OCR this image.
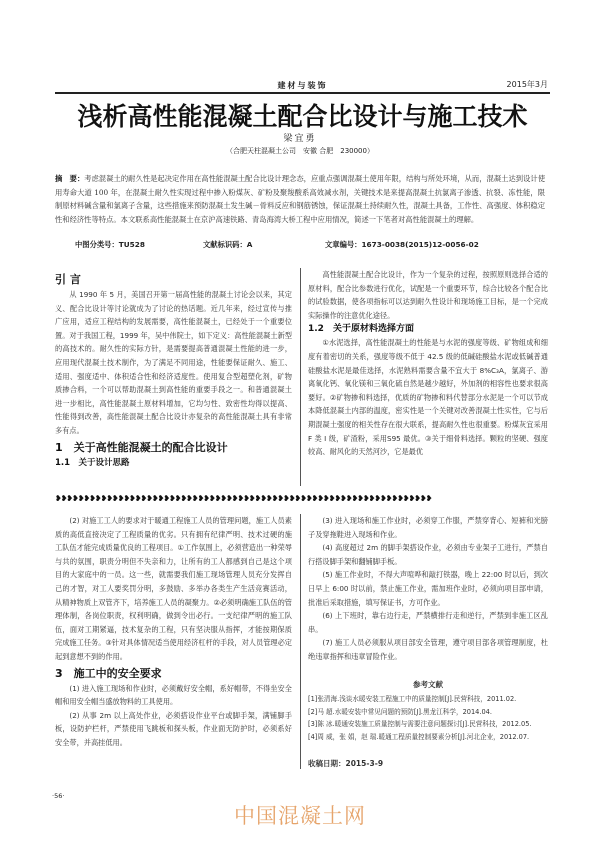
建材与装饰	2015年3月
浅析高性能混凝土配合比设计与施工技术
梁宜勇
（合肥天柱混凝土公司　安徽 合肥　230000）
摘　要：考虑混凝土的耐久性是起决定作用在高性能混凝土配合比设计理念态，应重点强调混凝土使用年限，结构与所处环境，从而，混凝土达到设计使用寿命大道 100 年，在混凝土耐久性实现过程中掺入粉煤灰、矿粉及聚羧酸系高效减水剂，关键技术是来提高混凝土抗氯离子渗透、抗裂、冻性能，限制原材料碱含量和氯离子含量，这些措施来预防混凝土发生碱－骨料反应和钢筋锈蚀，保证混凝土持续耐久性，混凝土具备，工作性、高强度、体积稳定性和经济性等特点。本文联系高性能混凝土在京沪高速铁路、青岛海湾大桥工程中应用情况，简述一下笔者对高性能混凝土的理解。
中图分类号：TU528	文献标识码：A	文章编号：1673-0038(2015)12-0056-02
引 言

从 1990 年 5 月，美国召开第一届高性能的混凝土讨论会以来，其定义、配合比设计等讨论就成为了讨论的热话题。近几年来，经过宣传与推广应用，适应工程结构的发展需要，高性能混凝土，已经处于一个重要位置。对于我国工程，1999 年，吴中伟院士，如下定义：高性能混凝土新型的高技术的。耐久性的实际方针，是需要提高普通混凝土性能的进一步，应用现代混凝土技术制作，为了满足不同用途，性能要保证耐久、施工、适用、强度适中、体积适合性和经济适度性。使用复合型超塑化剂，矿物质掺合料，一个可以帮助混凝土到高性能的重要手段之一。和普通混凝土进一步相比，高性能混凝土原材料增加，它均匀性、致密性均得以提高、性能得到改善，高性能混凝土配合比设计亦复杂的高性能混凝土具有非常多有点。

1　关于高性能混凝土的配合比设计
1.1　关于设计思路

高性能混凝土配合比设计，作为一个复杂的过程，按照原则选择合适的原材料，配合比参数进行优化，试配是一个重要环节，综合比较各个配合比的试验数据，使各项指标可以达到耐久性设计和现场施工目标，是一个完成实际操作的注意优化途径。

1.2　关于原材料选择方面

①水泥选择，高性能混凝土的性能是与水泥的强度等级、矿物组成和细度有着密切的关系，强度等级不低于 42.5 级的低碱硅酸盐水泥或低碱普通硅酸盐水泥是最佳选择，水泥熟料需要含量不宜大于 8%C₃A，氯离子、游离氧化钙、氧化镁和三氧化硫自然是越少越好，外加剂的相容性也要求很高要好。②矿物掺和料选择，优质的矿物掺和料代替部分水泥是一个可以节成本降低混凝土内部的温度，密实性是一个关键对改善混凝土性实性，它与后期混凝土强度的相关性存在很大联系，提高耐久性也很重要。粉煤灰宜采用 F 类 Ⅰ 级，矿渣粉，采用S95 最优。③关于细骨料选择。颗粒的坚硬、强度较高、耐风化的天然河沙，它是最优

❥❥❥❥❥❥❥❥❥❥❥❥❥❥❥❥❥❥❥❥❥❥❥❥❥❥❥❥❥❥❥❥❥❥❥❥❥❥❥❥❥❥❥❥❥❥❥❥❥❥❥❥❥❥❥❥❥❥❥❥❥❥❥❥❥❥

(2) 对施工工人的要求对于暖通工程施工人员的管理问题，施工人员素质的高低直接决定了工程质量的优劣。只有拥有纪律严明、技术过硬的施工队伍才能完成质量优良的工程项目。①工作氛围上，必须营造出一种荣辱与共的氛围，职责分明但不失亲和力，让所有的工人都感到自己是这个项目的大家庭中的一员。这一些，就需要我们施工现场管理人员充分发挥自己的才智，对工人要奖罚分明，多鼓励、多举办各类生产生活竞赛活动，从精神物质上双管齐下，培养施工人员的凝聚力。②必须明确施工队伍的管理体制，各岗位职责，权利明确，做到令出必行。一支纪律严明的施工队伍，面对工期紧逼，技术复杂的工程，只有坚决服从指挥，才能按期保质完成施工任务。③针对具体情况适当使用经济杠杆的手段，对人员管理必定起到意想不到的作用。

3　施工中的安全要求

(1) 进入施工现场和作业时，必须戴好安全帽，系好帽带，不得坐安全帽和用安全帽当盛放物料的工具使用。

(2) 从事 2m 以上高处作业，必须搭设作业平台或脚手架，满铺脚手板，设防护栏杆，严禁使用飞跳板和探头板，作业面无防护时，必须系好安全带，并高挂低用。

(3) 进入现场和施工作业时，必须穿工作服，严禁穿背心、短裤和光膀子及穿拖鞋进入现场和作业。

(4) 高度超过 2m 的脚手架搭设作业，必须由专业架子工进行，严禁自行搭设脚手架和翻铺脚手板。

(5) 施工作业时，不得大声喧哗和敲打铁器，晚上 22:00 时以后，到次日早上 6:00 时以前，禁止施工作业，需加班作业时，必须向项目部申请，批准后采取措施，填写保证书，方可作业。

(6) 上下班时，靠右边行走，严禁横排行走和逆行，严禁到非施工区乱串。

(7) 施工人员必须服从项目部安全管理，遵守项目部各项管理制度，杜绝违章指挥和违章冒险作业。

参考文献
[1]张清海.浅谈水暖安装工程施工中的质量控制[J].民营科技，2011.02.
[2]马 超.水暖安装中常见问题的预防[J].黑龙江科学，2014.04.
[3]陈 冰.暖通安装施工质量控制与需要注意问题探讨[J].民营科技，2012.05.
[4]周 威，张 娟，赵 瑞.暖通工程质量控制要素分析[J].河北企业，2012.07.
收稿日期：2015-3-9
·56·
中国混凝土网
